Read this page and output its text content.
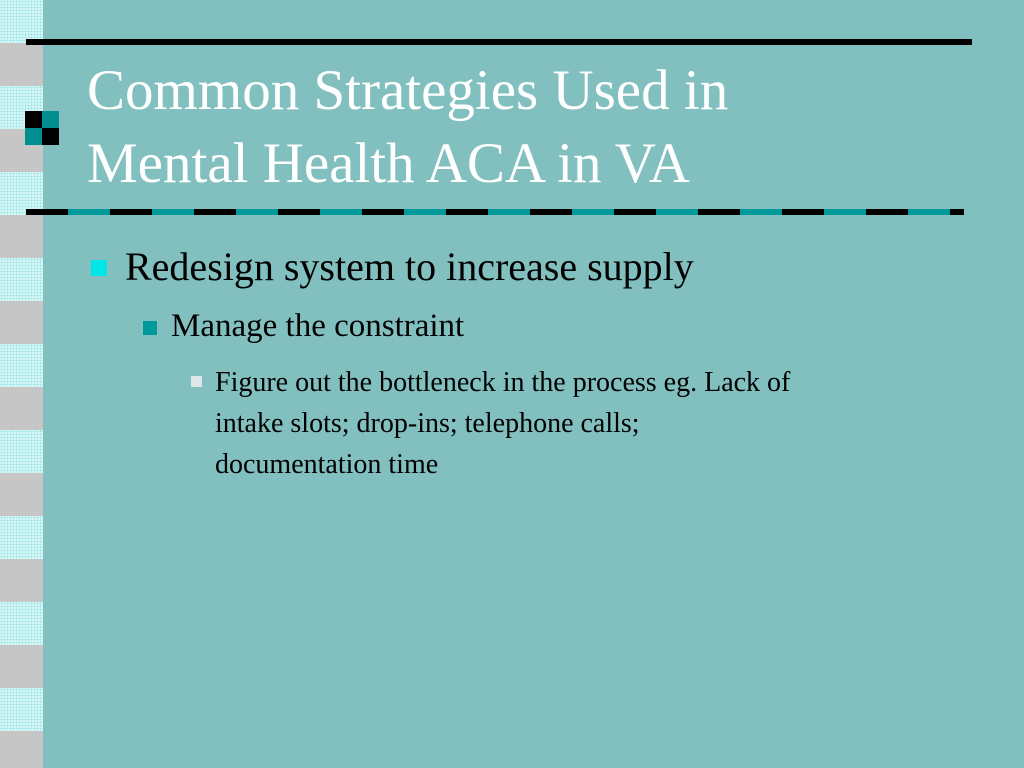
Common Strategies Used in
Mental Health ACA in VA
Redesign system to increase supply
Manage the constraint
Figure out the bottleneck in the process eg. Lack of
intake slots; drop-ins; telephone calls;
documentation time
